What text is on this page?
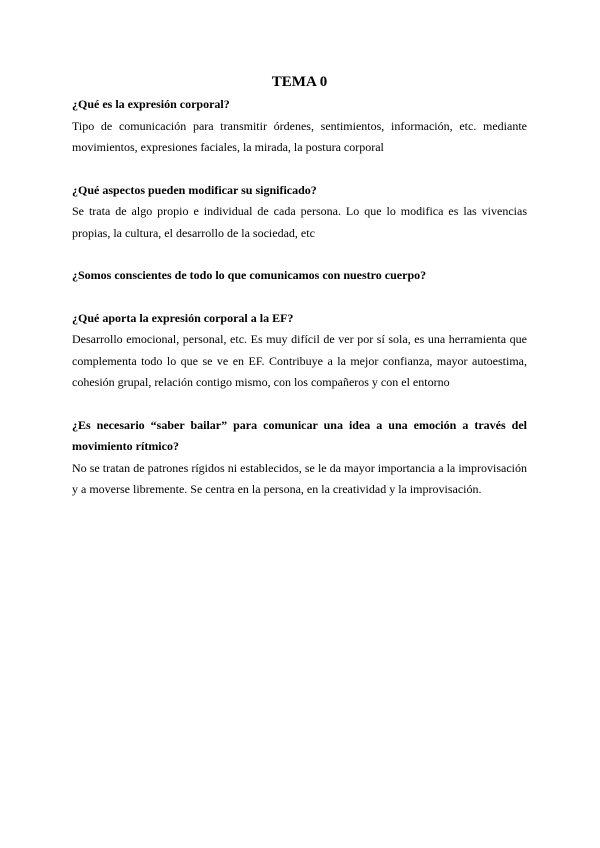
TEMA 0

¿Qué es la expresión corporal?

Tipo de comunicación para transmitir órdenes, sentimientos, información, etc. mediante movimientos, expresiones faciales, la mirada, la postura corporal

¿Qué aspectos pueden modificar su significado?

Se trata de algo propio e individual de cada persona. Lo que lo modifica es las vivencias propias, la cultura, el desarrollo de la sociedad, etc

¿Somos conscientes de todo lo que comunicamos con nuestro cuerpo?

¿Qué aporta la expresión corporal a la EF?

Desarrollo emocional, personal, etc. Es muy difícil de ver por sí sola, es una herramienta que complementa todo lo que se ve en EF. Contribuye a la mejor confianza, mayor autoestima, cohesión grupal, relación contigo mismo, con los compañeros y con el entorno

¿Es necesario “saber bailar” para comunicar una idea a una emoción a través del movimiento rítmico?

No se tratan de patrones rígidos ni establecidos, se le da mayor importancia a la improvisación y a moverse libremente. Se centra en la persona, en la creatividad y la improvisación.
